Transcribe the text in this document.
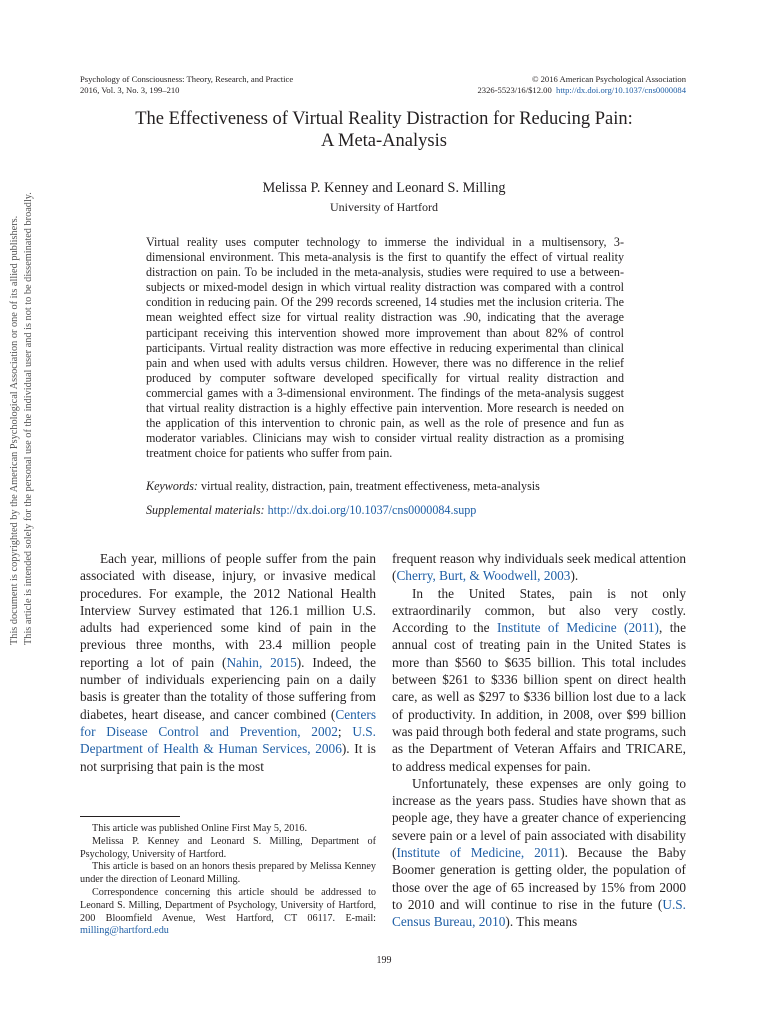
Psychology of Consciousness: Theory, Research, and Practice
2016, Vol. 3, No. 3, 199–210
© 2016 American Psychological Association
2326-5523/16/$12.00 http://dx.doi.org/10.1037/cns0000084
The Effectiveness of Virtual Reality Distraction for Reducing Pain:
A Meta-Analysis
Melissa P. Kenney and Leonard S. Milling
University of Hartford
Virtual reality uses computer technology to immerse the individual in a multisensory, 3-dimensional environment. This meta-analysis is the first to quantify the effect of virtual reality distraction on pain. To be included in the meta-analysis, studies were required to use a between-subjects or mixed-model design in which virtual reality distraction was compared with a control condition in reducing pain. Of the 299 records screened, 14 studies met the inclusion criteria. The mean weighted effect size for virtual reality distraction was .90, indicating that the average participant receiving this intervention showed more improvement than about 82% of control participants. Virtual reality distraction was more effective in reducing experimental than clinical pain and when used with adults versus children. However, there was no difference in the relief produced by computer software developed specifically for virtual reality distraction and commercial games with a 3-dimensional environment. The findings of the meta-analysis suggest that virtual reality distraction is a highly effective pain intervention. More research is needed on the application of this intervention to chronic pain, as well as the role of presence and fun as moderator variables. Clinicians may wish to consider virtual reality distraction as a promising treatment choice for patients who suffer from pain.
Keywords: virtual reality, distraction, pain, treatment effectiveness, meta-analysis
Supplemental materials: http://dx.doi.org/10.1037/cns0000084.supp

Each year, millions of people suffer from the pain associated with disease, injury, or invasive medical procedures. For example, the 2012 National Health Interview Survey estimated that 126.1 million U.S. adults had experienced some kind of pain in the previous three months, with 23.4 million people reporting a lot of pain (Nahin, 2015). Indeed, the number of individuals experiencing pain on a daily basis is greater than the totality of those suffering from diabetes, heart disease, and cancer combined (Centers for Disease Control and Prevention, 2002; U.S. Department of Health & Human Services, 2006). It is not surprising that pain is the most

frequent reason why individuals seek medical attention (Cherry, Burt, & Woodwell, 2003).

In the United States, pain is not only extraordinarily common, but also very costly. According to the Institute of Medicine (2011), the annual cost of treating pain in the United States is more than $560 to $635 billion. This total includes between $261 to $336 billion spent on direct health care, as well as $297 to $336 billion lost due to a lack of productivity. In addition, in 2008, over $99 billion was paid through both federal and state programs, such as the Department of Veteran Affairs and TRICARE, to address medical expenses for pain.

Unfortunately, these expenses are only going to increase as the years pass. Studies have shown that as people age, they have a greater chance of experiencing severe pain or a level of pain associated with disability (Institute of Medicine, 2011). Because the Baby Boomer generation is getting older, the population of those over the age of 65 increased by 15% from 2000 to 2010 and will continue to rise in the future (U.S. Census Bureau, 2010). This means

This article was published Online First May 5, 2016.

Melissa P. Kenney and Leonard S. Milling, Department of Psychology, University of Hartford.

This article is based on an honors thesis prepared by Melissa Kenney under the direction of Leonard Milling.

Correspondence concerning this article should be addressed to Leonard S. Milling, Department of Psychology, University of Hartford, 200 Bloomfield Avenue, West Hartford, CT 06117. E-mail: milling@hartford.edu

199
This document is copyrighted by the American Psychological Association or one of its allied publishers. This article is intended solely for the personal use of the individual user and is not to be disseminated broadly.
